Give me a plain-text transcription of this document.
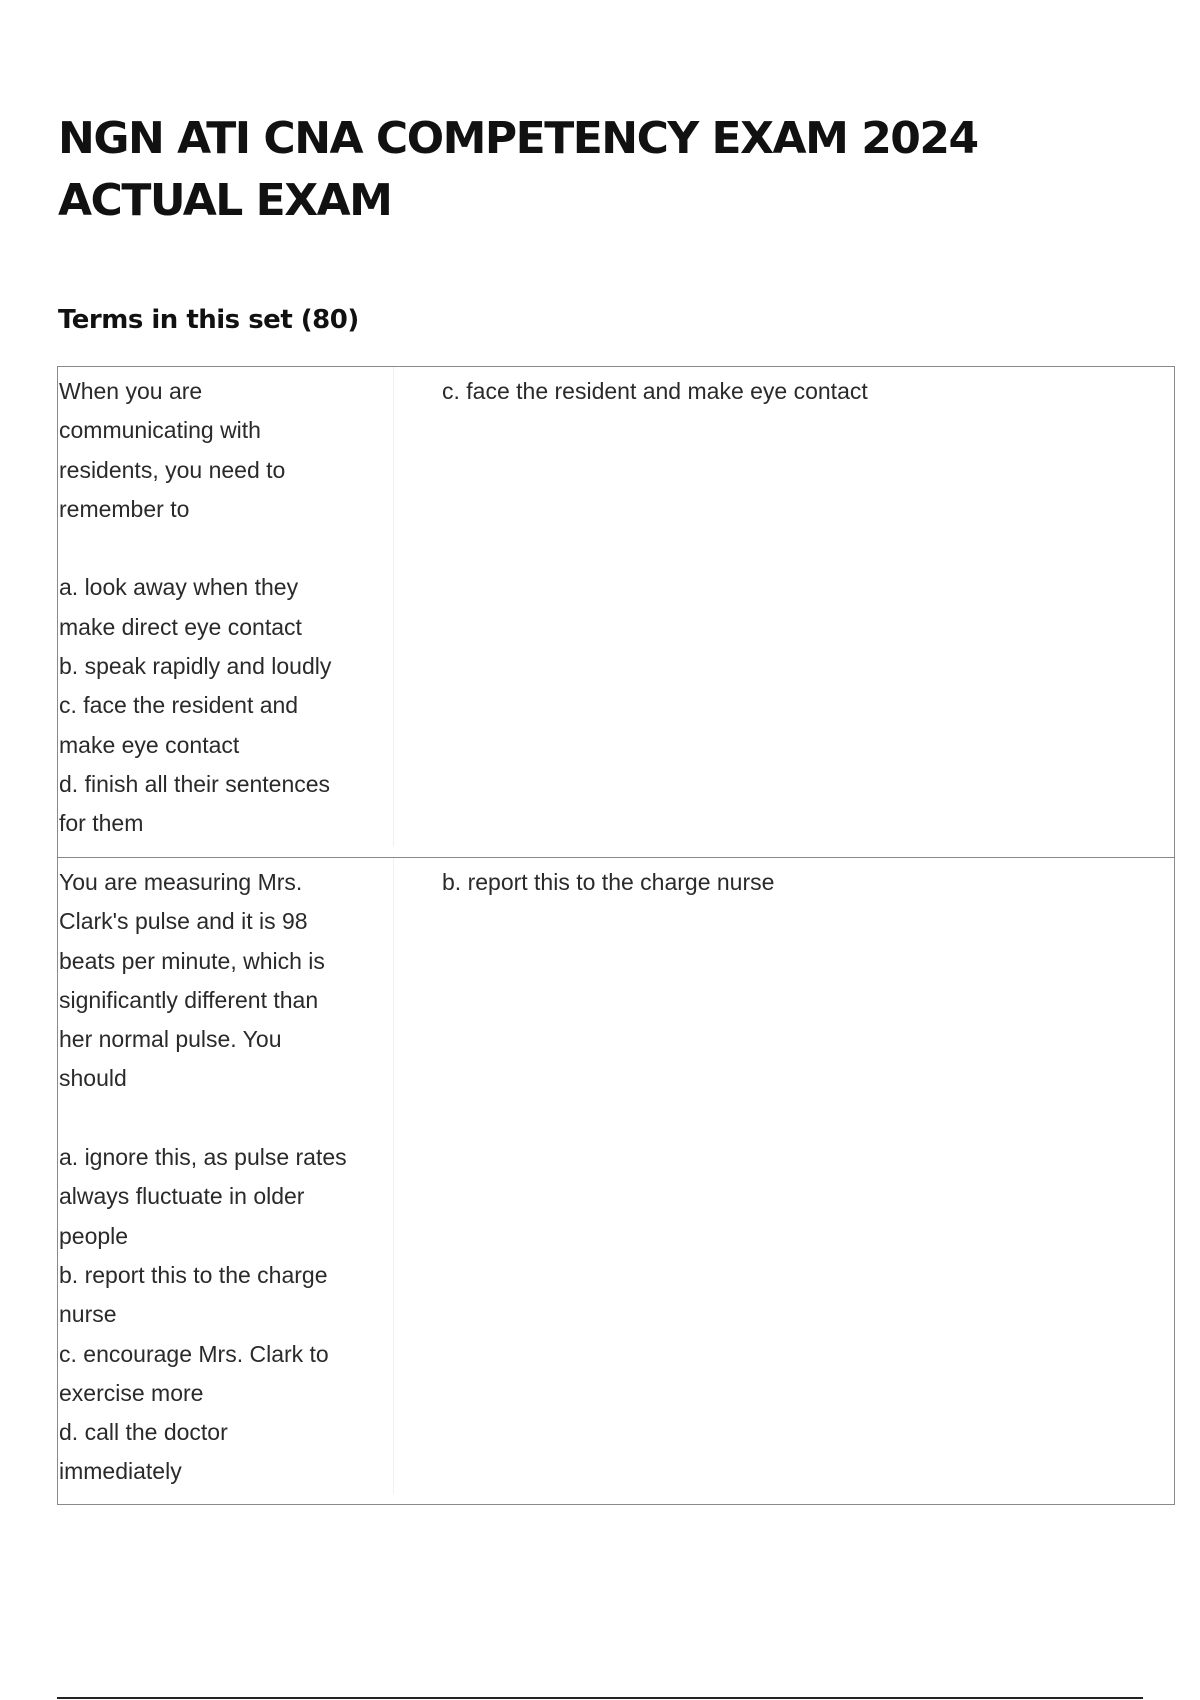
NGN ATI CNA COMPETENCY EXAM 2024 ACTUAL EXAM
Terms in this set (80)
When you are
communicating with
residents, you need to
remember to

a. look away when they
make direct eye contact
b. speak rapidly and loudly
c. face the resident and
make eye contact
d. finish all their sentences
for them
c. face the resident and make eye contact
You are measuring Mrs.
Clark's pulse and it is 98
beats per minute, which is
significantly different than
her normal pulse. You
should

a. ignore this, as pulse rates
always fluctuate in older
people
b. report this to the charge
nurse
c. encourage Mrs. Clark to
exercise more
d. call the doctor
immediately
b. report this to the charge nurse
